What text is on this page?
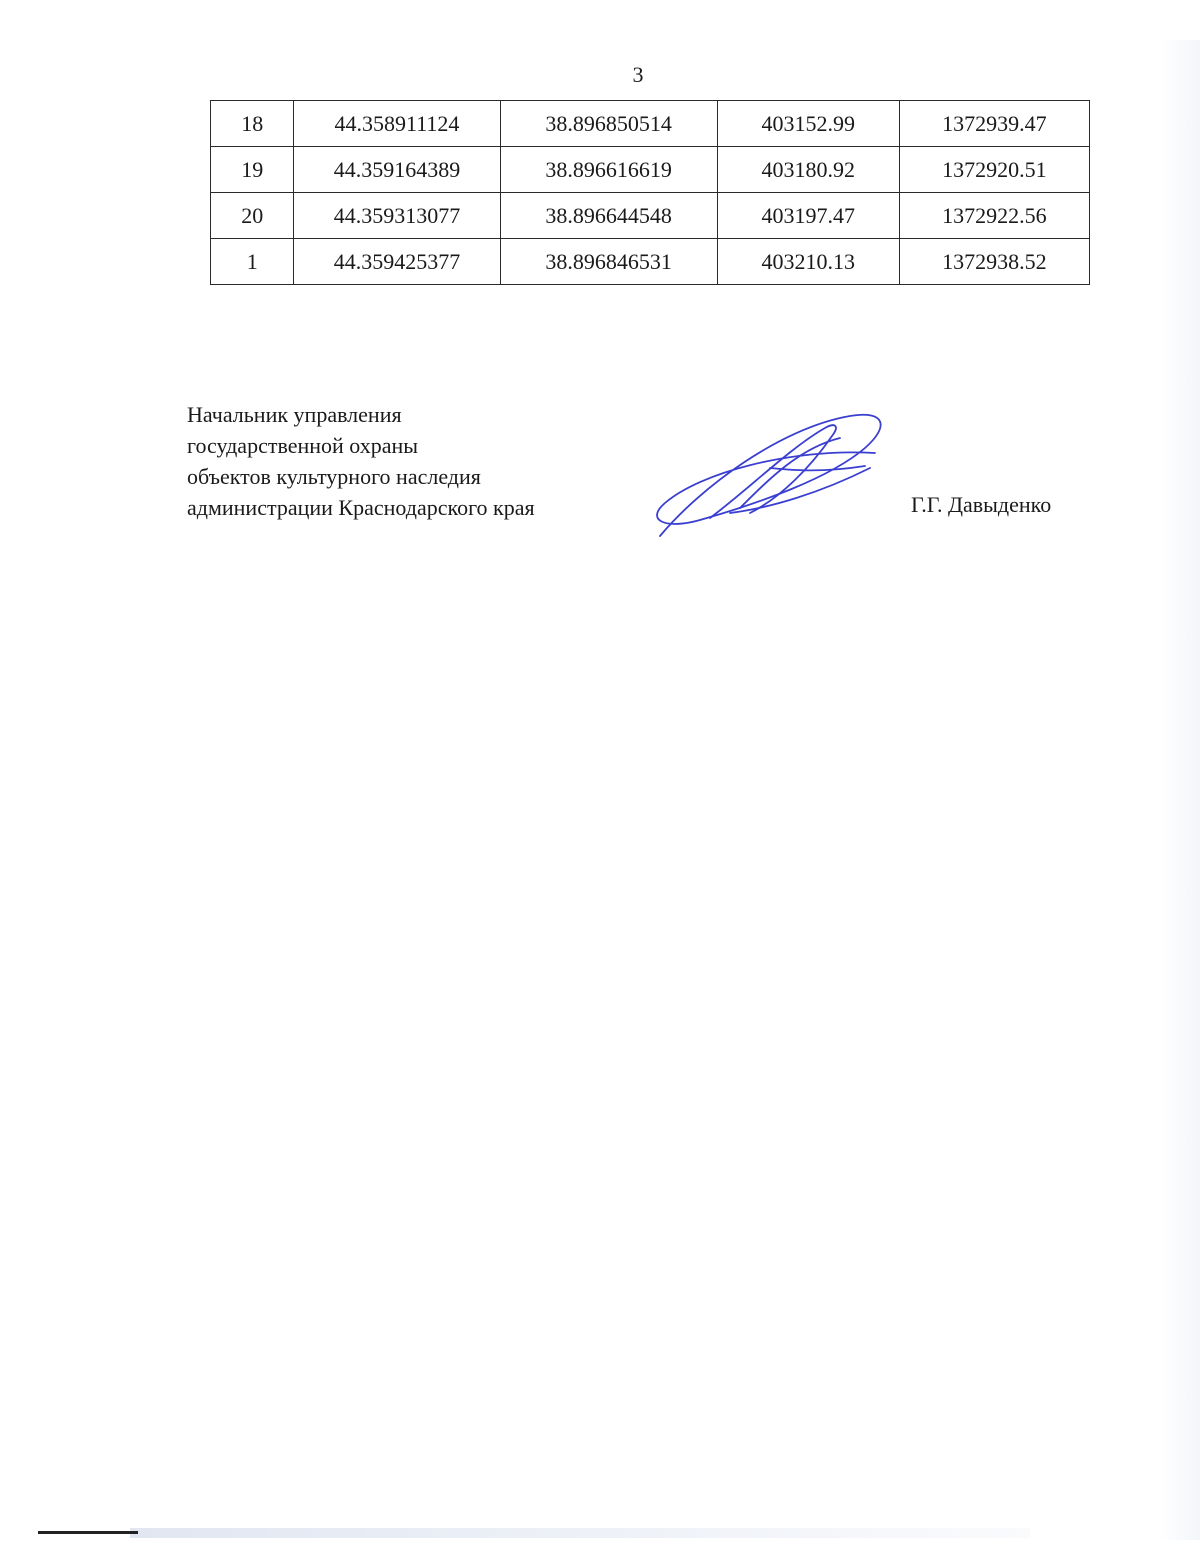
3
18	44.358911124	38.896850514	403152.99	1372939.47
19	44.359164389	38.896616619	403180.92	1372920.51
20	44.359313077	38.896644548	403197.47	1372922.56
1	44.359425377	38.896846531	403210.13	1372938.52
Начальник управления
государственной охраны
объектов культурного наследия
администрации Краснодарского края	Г.Г. Давыденко
